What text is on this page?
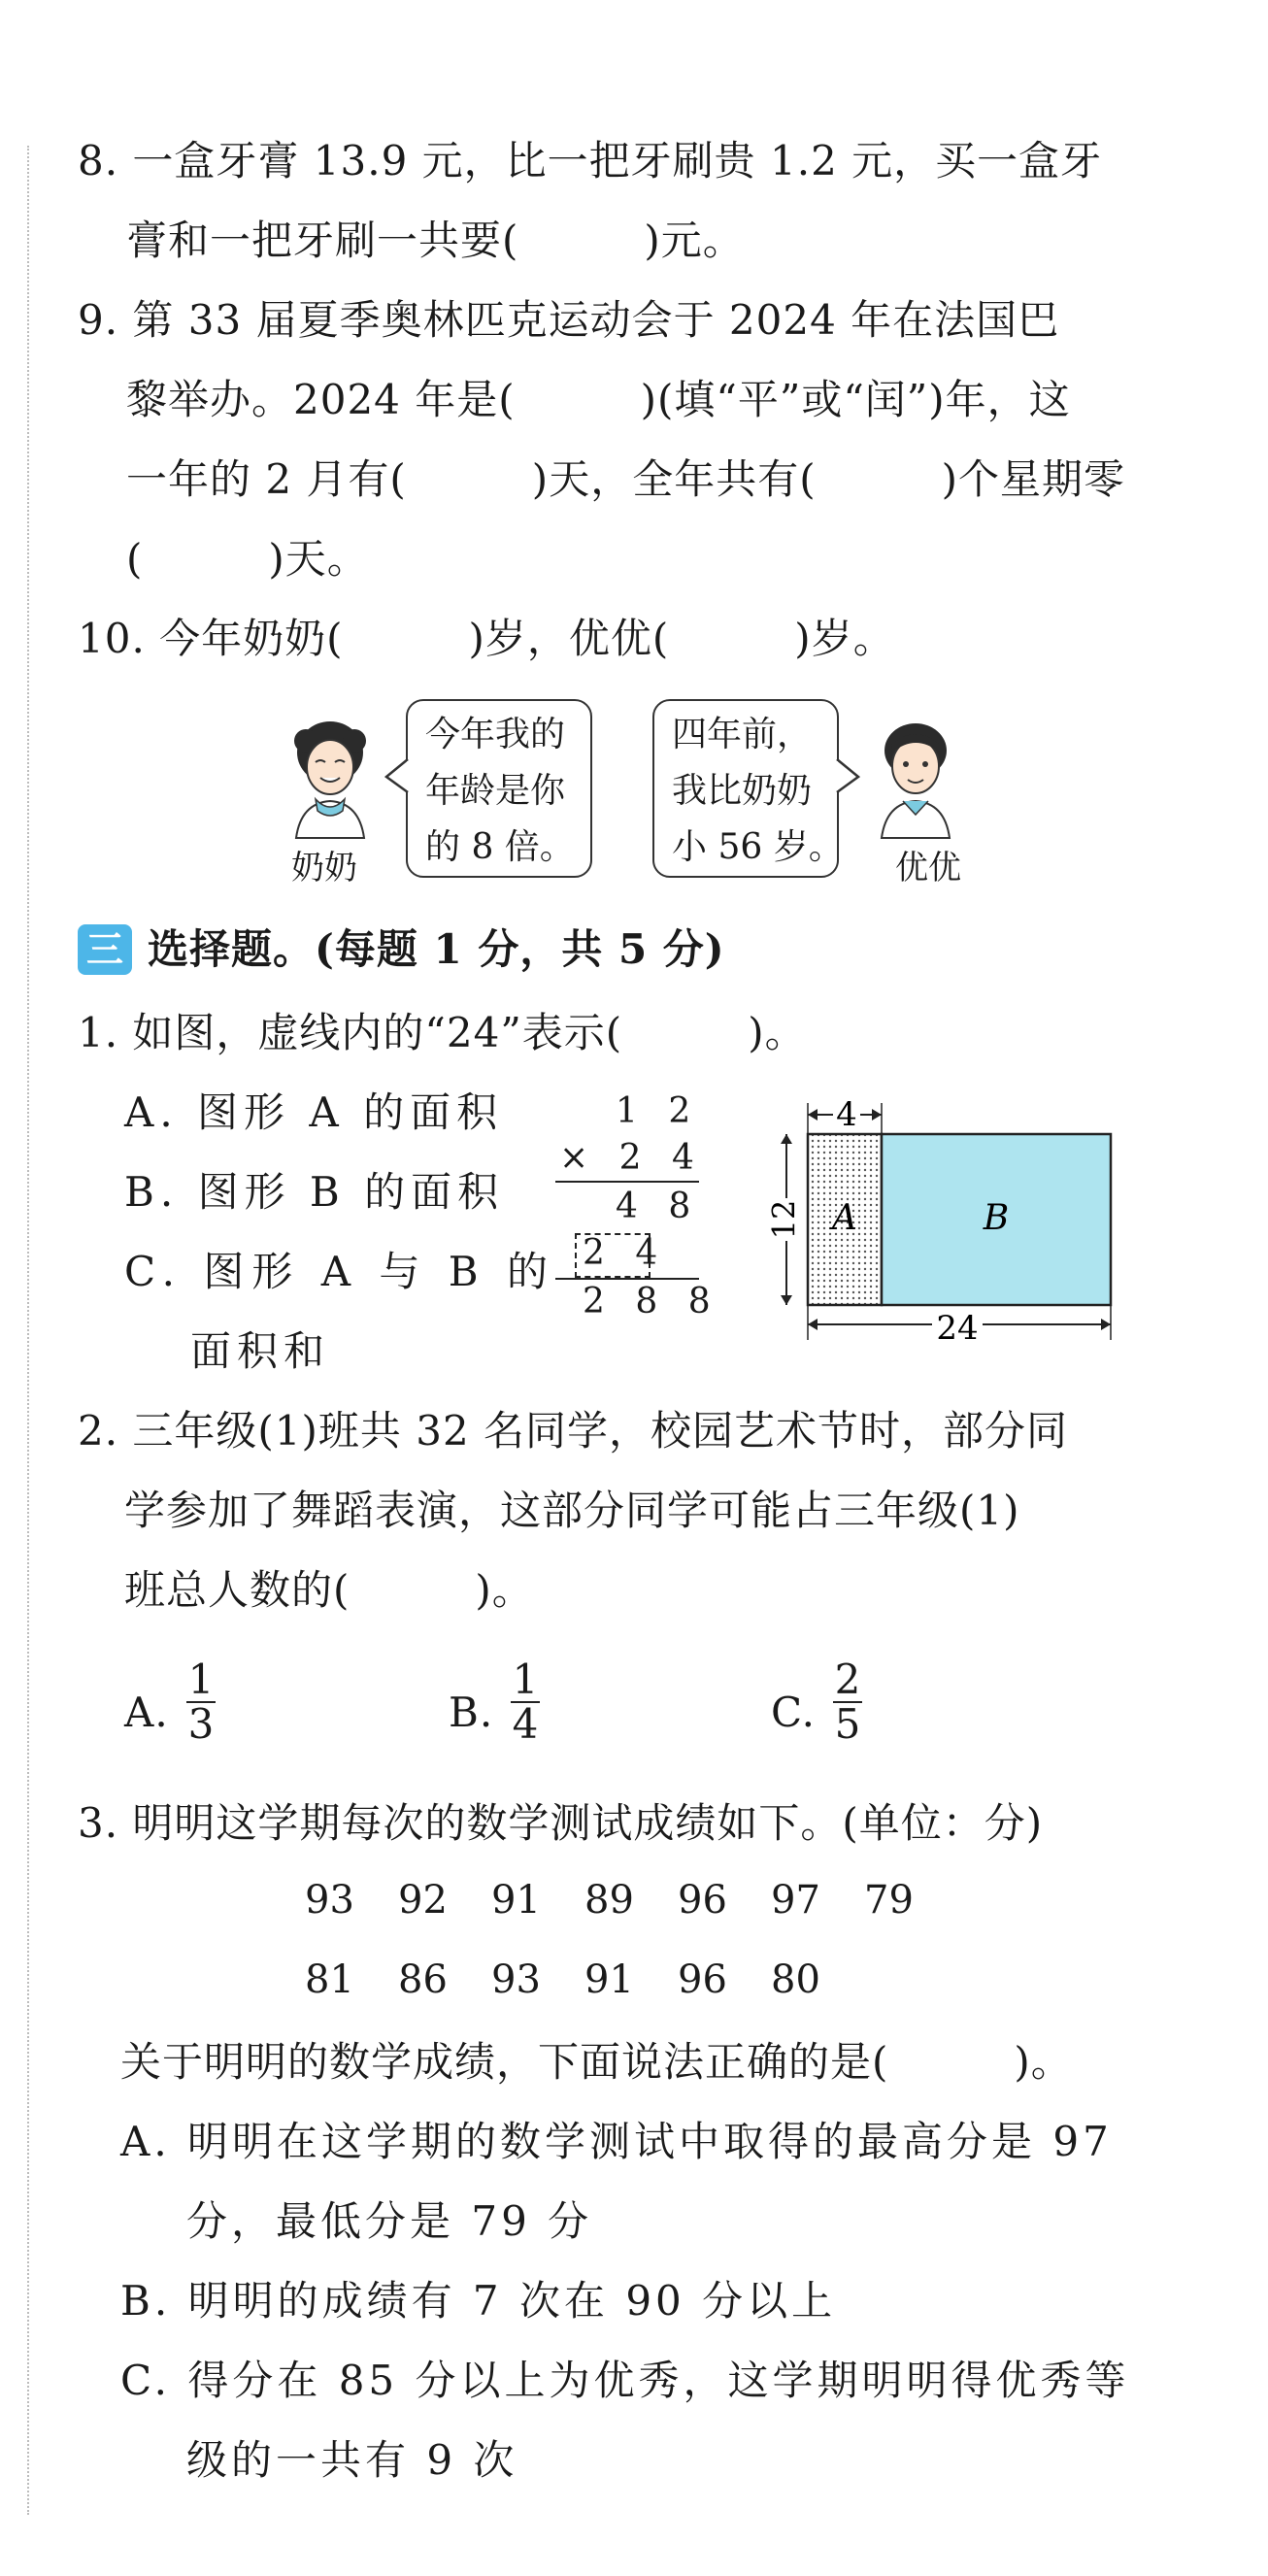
8. 一盒牙膏 13.9 元，比一把牙刷贵 1.2 元，买一盒牙
膏和一把牙刷一共要(　　　)元。
9. 第 33 届夏季奥林匹克运动会于 2024 年在法国巴
黎举办。2024 年是(　　　)(填“平”或“闰”)年，这
一年的 2 月有(　　　)天，全年共有(　　　)个星期零
(　　　)天。
10. 今年奶奶(　　　)岁，优优(　　　)岁。
奶奶
今年我的
年龄是你
的 8 倍。
四年前，
我比奶奶
小 56 岁。
优优
三 选择题。(每题 1 分，共 5 分)
1. 如图，虚线内的“24”表示(　　　)。
A. 图形 A 的面积
B. 图形 B 的面积
C. 图形 A 与 B 的
面积和
1 2
× 2 4
4 8
2 4
2 8 8
4
12
24
A	B
2. 三年级(1)班共 32 名同学，校园艺术节时，部分同
学参加了舞蹈表演，这部分同学可能占三年级(1)
班总人数的(　　　)。
A. $\frac{1}{3}$	B. $\frac{1}{4}$	C. $\frac{2}{5}$
3. 明明这学期每次的数学测试成绩如下。(单位：分)
93 92 91 89 96 97 79
81 86 93 91 96 80
关于明明的数学成绩，下面说法正确的是(　　　)。
A. 明明在这学期的数学测试中取得的最高分是 97
分，最低分是 79 分
B. 明明的成绩有 7 次在 90 分以上
C. 得分在 85 分以上为优秀，这学期明明得优秀等
级的一共有 9 次
